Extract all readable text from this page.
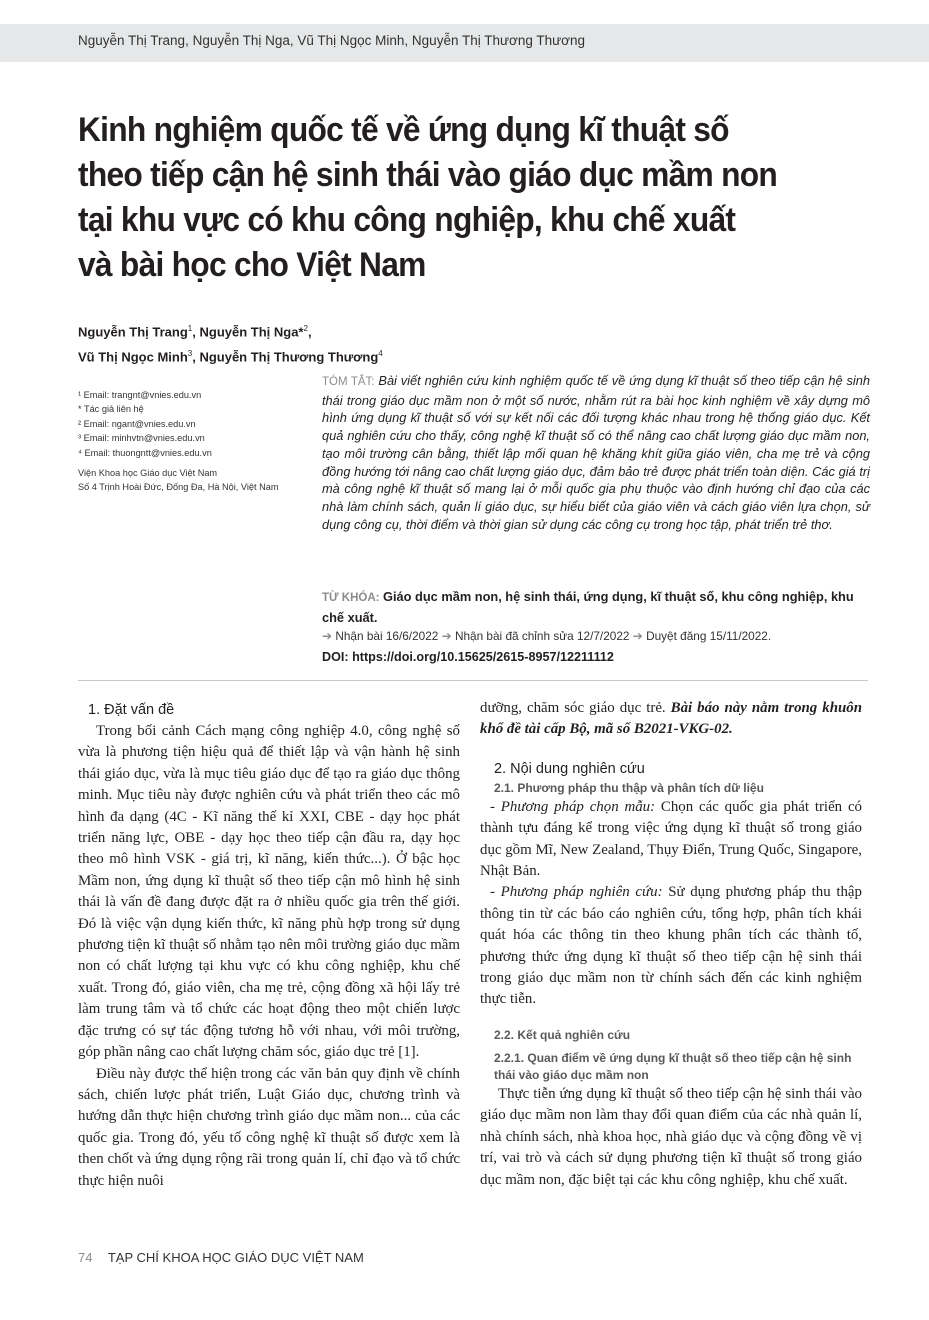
Nguyễn Thị Trang, Nguyễn Thị Nga, Vũ Thị Ngọc Minh, Nguyễn Thị Thương Thương
Kinh nghiệm quốc tế về ứng dụng kĩ thuật số
theo tiếp cận hệ sinh thái vào giáo dục mầm non
tại khu vực có khu công nghiệp, khu chế xuất
và bài học cho Việt Nam
Nguyễn Thị Trang$^1$, Nguyễn Thị Nga*$^2$,
Vũ Thị Ngọc Minh$^3$, Nguyễn Thị Thương Thương$^4$
¹ Email: trangnt@vnies.edu.vn
* Tác giả liên hệ
² Email: ngant@vnies.edu.vn
³ Email: minhvtn@vnies.edu.vn
⁴ Email: thuongntt@vnies.edu.vn
Viện Khoa học Giáo dục Việt Nam
Số 4 Trịnh Hoài Đức, Đống Đa, Hà Nội, Việt Nam
TÓM TẮT: Bài viết nghiên cứu kinh nghiệm quốc tế về ứng dụng kĩ thuật số theo tiếp cận hệ sinh thái trong giáo dục mầm non ở một số nước, nhằm rút ra bài học kinh nghiệm về xây dựng mô hình ứng dụng kĩ thuật số với sự kết nối các đối tượng khác nhau trong hệ thống giáo dục. Kết quả nghiên cứu cho thấy, công nghệ kĩ thuật số có thể nâng cao chất lượng giáo dục mầm non, tạo môi trường cân bằng, thiết lập mối quan hệ khăng khít giữa giáo viên, cha mẹ trẻ và cộng đồng hướng tới nâng cao chất lượng giáo dục, đảm bảo trẻ được phát triển toàn diện. Các giá trị mà công nghệ kĩ thuật số mang lại ở mỗi quốc gia phụ thuộc vào định hướng chỉ đạo của các nhà làm chính sách, quản lí giáo dục, sự hiểu biết của giáo viên và cách giáo viên lựa chọn, sử dụng công cụ, thời điểm và thời gian sử dụng các công cụ trong học tập, phát triển trẻ thơ.
TỪ KHÓA: Giáo dục mầm non, hệ sinh thái, ứng dụng, kĩ thuật số, khu công nghiệp, khu chế xuất.
➔ Nhận bài 16/6/2022 ➔ Nhận bài đã chỉnh sửa 12/7/2022 ➔ Duyệt đăng 15/11/2022.
DOI: https://doi.org/10.15625/2615-8957/12211112
1. Đặt vấn đề

Trong bối cảnh Cách mạng công nghiệp 4.0, công nghệ số vừa là phương tiện hiệu quả để thiết lập và vận hành hệ sinh thái giáo dục, vừa là mục tiêu giáo dục để tạo ra giáo dục thông minh. Mục tiêu này được nghiên cứu và phát triển theo các mô hình đa dạng (4C - Kĩ năng thế kỉ XXI, CBE - dạy học phát triển năng lực, OBE - dạy học theo tiếp cận đầu ra, dạy học theo mô hình VSK - giá trị, kĩ năng, kiến thức...). Ở bậc học Mầm non, ứng dụng kĩ thuật số theo tiếp cận mô hình hệ sinh thái là vấn đề đang được đặt ra ở nhiều quốc gia trên thế giới. Đó là việc vận dụng kiến thức, kĩ năng phù hợp trong sử dụng phương tiện kĩ thuật số nhằm tạo nên môi trường giáo dục mầm non có chất lượng tại khu vực có khu công nghiệp, khu chế xuất. Trong đó, giáo viên, cha mẹ trẻ, cộng đồng xã hội lấy trẻ làm trung tâm và tổ chức các hoạt động theo một chiến lược đặc trưng có sự tác động tương hỗ với nhau, với môi trường, góp phần nâng cao chất lượng chăm sóc, giáo dục trẻ [1].

Điều này được thể hiện trong các văn bản quy định về chính sách, chiến lược phát triển, Luật Giáo dục, chương trình và hướng dẫn thực hiện chương trình giáo dục mầm non... của các quốc gia. Trong đó, yếu tố công nghệ kĩ thuật số được xem là then chốt và ứng dụng rộng rãi trong quản lí, chỉ đạo và tổ chức thực hiện nuôi

dưỡng, chăm sóc giáo dục trẻ. Bài báo này nằm trong khuôn khổ đề tài cấp Bộ, mã số B2021-VKG-02.

2. Nội dung nghiên cứu
2.1. Phương pháp thu thập và phân tích dữ liệu

- Phương pháp chọn mẫu: Chọn các quốc gia phát triển có thành tựu đáng kể trong việc ứng dụng kĩ thuật số trong giáo dục gồm Mĩ, New Zealand, Thụy Điển, Trung Quốc, Singapore, Nhật Bản.

- Phương pháp nghiên cứu: Sử dụng phương pháp thu thập thông tin từ các báo cáo nghiên cứu, tổng hợp, phân tích khái quát hóa các thông tin theo khung phân tích các thành tố, phương thức ứng dụng kĩ thuật số theo tiếp cận hệ sinh thái trong giáo dục mầm non từ chính sách đến các kinh nghiệm thực tiễn.

2.2. Kết quả nghiên cứu
2.2.1. Quan điểm về ứng dụng kĩ thuật số theo tiếp cận hệ sinh thái vào giáo dục mầm non

Thực tiễn ứng dụng kĩ thuật số theo tiếp cận hệ sinh thái vào giáo dục mầm non làm thay đổi quan điểm của các nhà quản lí, nhà chính sách, nhà khoa học, nhà giáo dục và cộng đồng về vị trí, vai trò và cách sử dụng phương tiện kĩ thuật số trong giáo dục mầm non, đặc biệt tại các khu công nghiệp, khu chế xuất.

74 TẠP CHÍ KHOA HỌC GIÁO DỤC VIỆT NAM
